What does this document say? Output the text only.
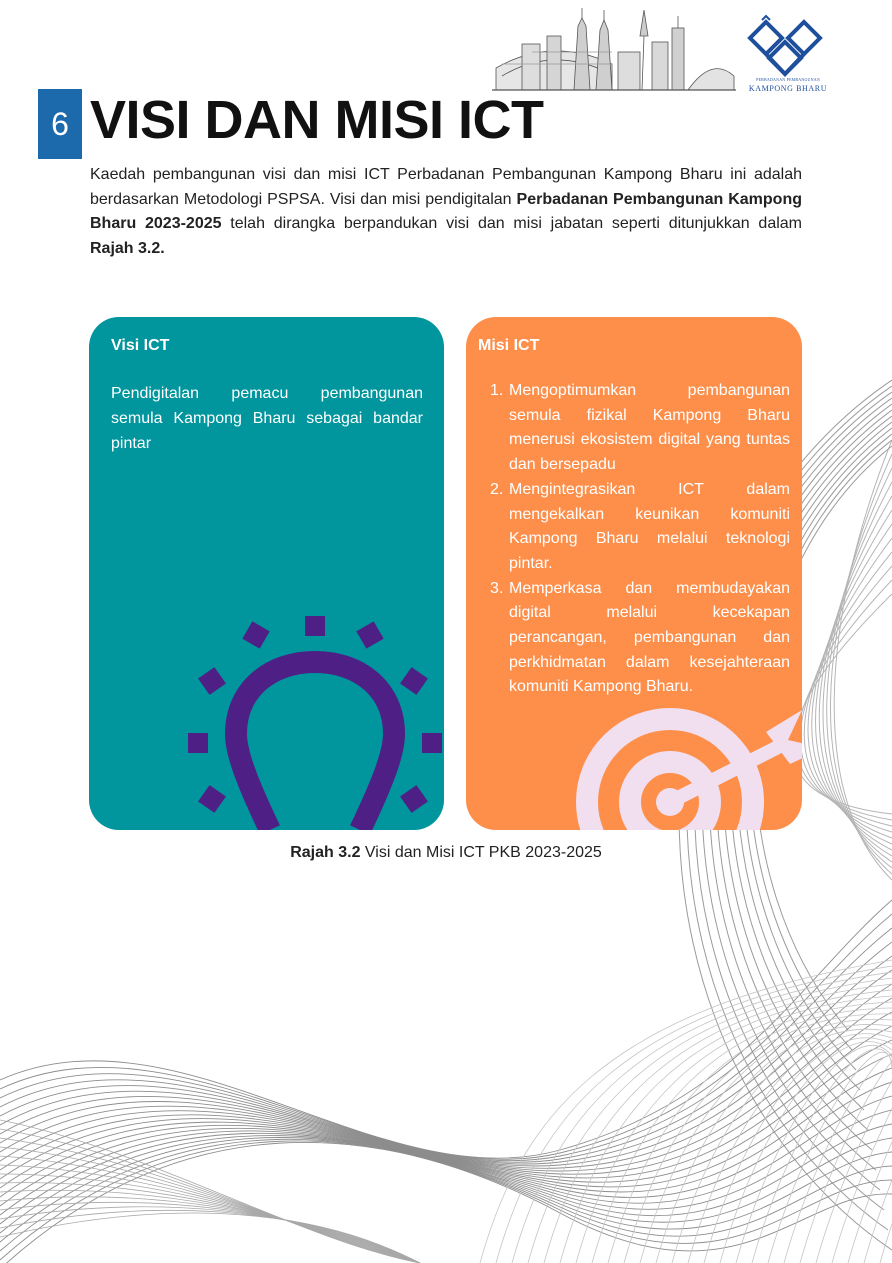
PERBADANAN PEMBANGUNAN
KAMPONG BHARU
6 VISI DAN MISI ICT

Kaedah pembangunan visi dan misi ICT Perbadanan Pembangunan Kampong Bharu ini adalah berdasarkan Metodologi PSPSA. Visi dan misi pendigitalan Perbadanan Pembangunan Kampong Bharu 2023-2025 telah dirangka berpandukan visi dan misi jabatan seperti ditunjukkan dalam Rajah 3.2.

Visi ICT

Pendigitalan pemacu pembangunan semula Kampong Bharu sebagai bandar pintar

Misi ICT
1. Mengoptimumkan pembangunan semula fizikal Kampong Bharu menerusi ekosistem digital yang tuntas dan bersepadu
2. Mengintegrasikan ICT dalam mengekalkan keunikan komuniti Kampong Bharu melalui teknologi pintar.
3. Memperkasa dan membudayakan digital melalui kecekapan perancangan, pembangunan dan perkhidmatan dalam kesejahteraan komuniti Kampong Bharu.
Rajah 3.2 Visi dan Misi ICT PKB 2023-2025
